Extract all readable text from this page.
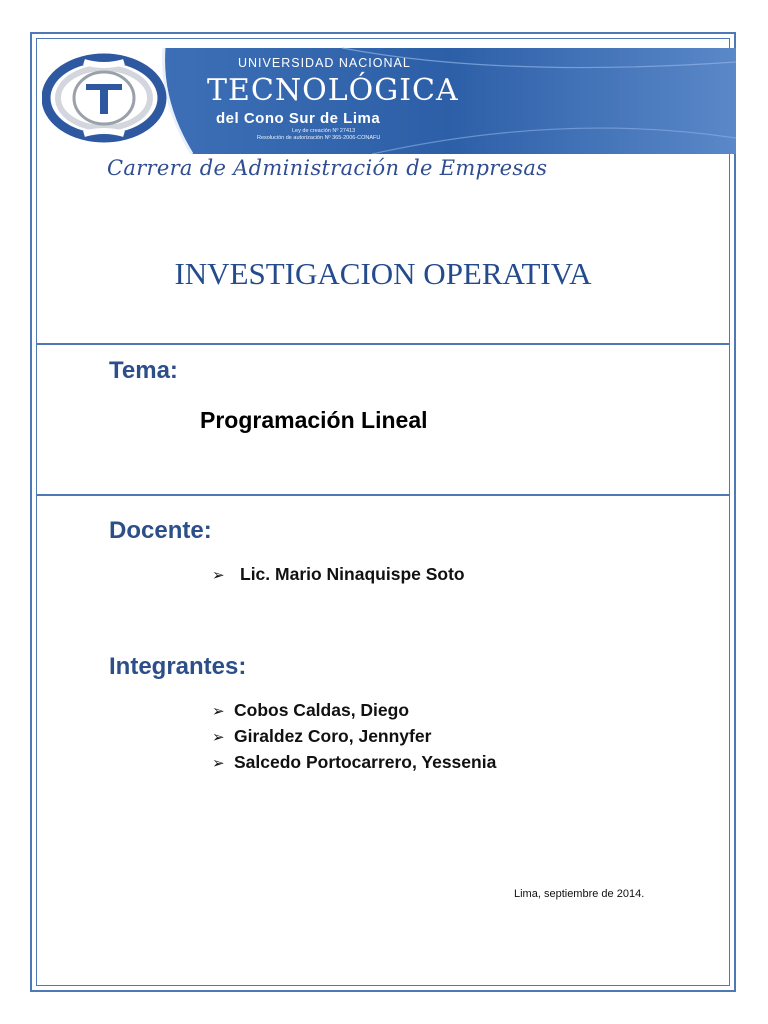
UNIVERSIDAD NACIONAL
TECNOLÓGICA
del Cono Sur de Lima
Ley de creación Nº 27413
Resolución de autorización Nº 365-2006-CONAFU
Carrera de Administración de Empresas
INVESTIGACION OPERATIVA
Tema:
Programación Lineal
Docente:
➢ Lic. Mario Ninaquispe Soto
Integrantes:
➢ Cobos Caldas, Diego
➢ Giraldez Coro, Jennyfer
➢ Salcedo Portocarrero, Yessenia
Lima, septiembre de 2014.
